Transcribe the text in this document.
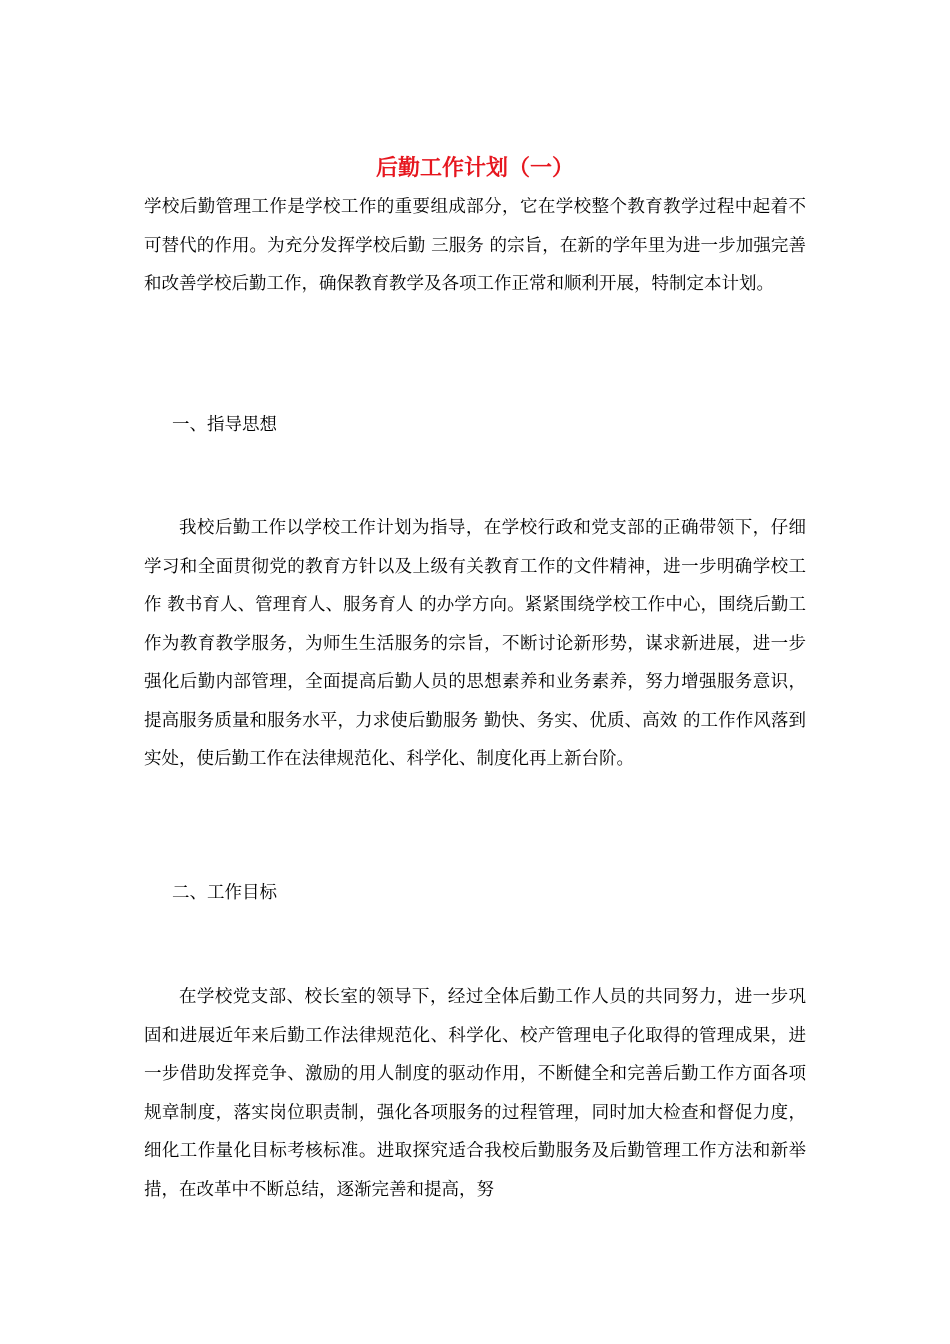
后勤工作计划（一）

学校后勤管理工作是学校工作的重要组成部分，它在学校整个教育教学过程中起着不可替代的作用。为充分发挥学校后勤 三服务 的宗旨，在新的学年里为进一步加强完善和改善学校后勤工作，确保教育教学及各项工作正常和顺利开展，特制定本计划。

一、指导思想

我校后勤工作以学校工作计划为指导，在学校行政和党支部的正确带领下，仔细学习和全面贯彻党的教育方针以及上级有关教育工作的文件精神，进一步明确学校工作 教书育人、管理育人、服务育人 的办学方向。紧紧围绕学校工作中心，围绕后勤工作为教育教学服务，为师生生活服务的宗旨，不断讨论新形势，谋求新进展，进一步强化后勤内部管理，全面提高后勤人员的思想素养和业务素养，努力增强服务意识，提高服务质量和服务水平，力求使后勤服务 勤快、务实、优质、高效 的工作作风落到实处，使后勤工作在法律规范化、科学化、制度化再上新台阶。

二、工作目标

在学校党支部、校长室的领导下，经过全体后勤工作人员的共同努力，进一步巩固和进展近年来后勤工作法律规范化、科学化、校产管理电子化取得的管理成果，进一步借助发挥竞争、激励的用人制度的驱动作用，不断健全和完善后勤工作方面各项规章制度，落实岗位职责制，强化各项服务的过程管理，同时加大检查和督促力度，细化工作量化目标考核标准。进取探究适合我校后勤服务及后勤管理工作方法和新举措，在改革中不断总结，逐渐完善和提高，努
